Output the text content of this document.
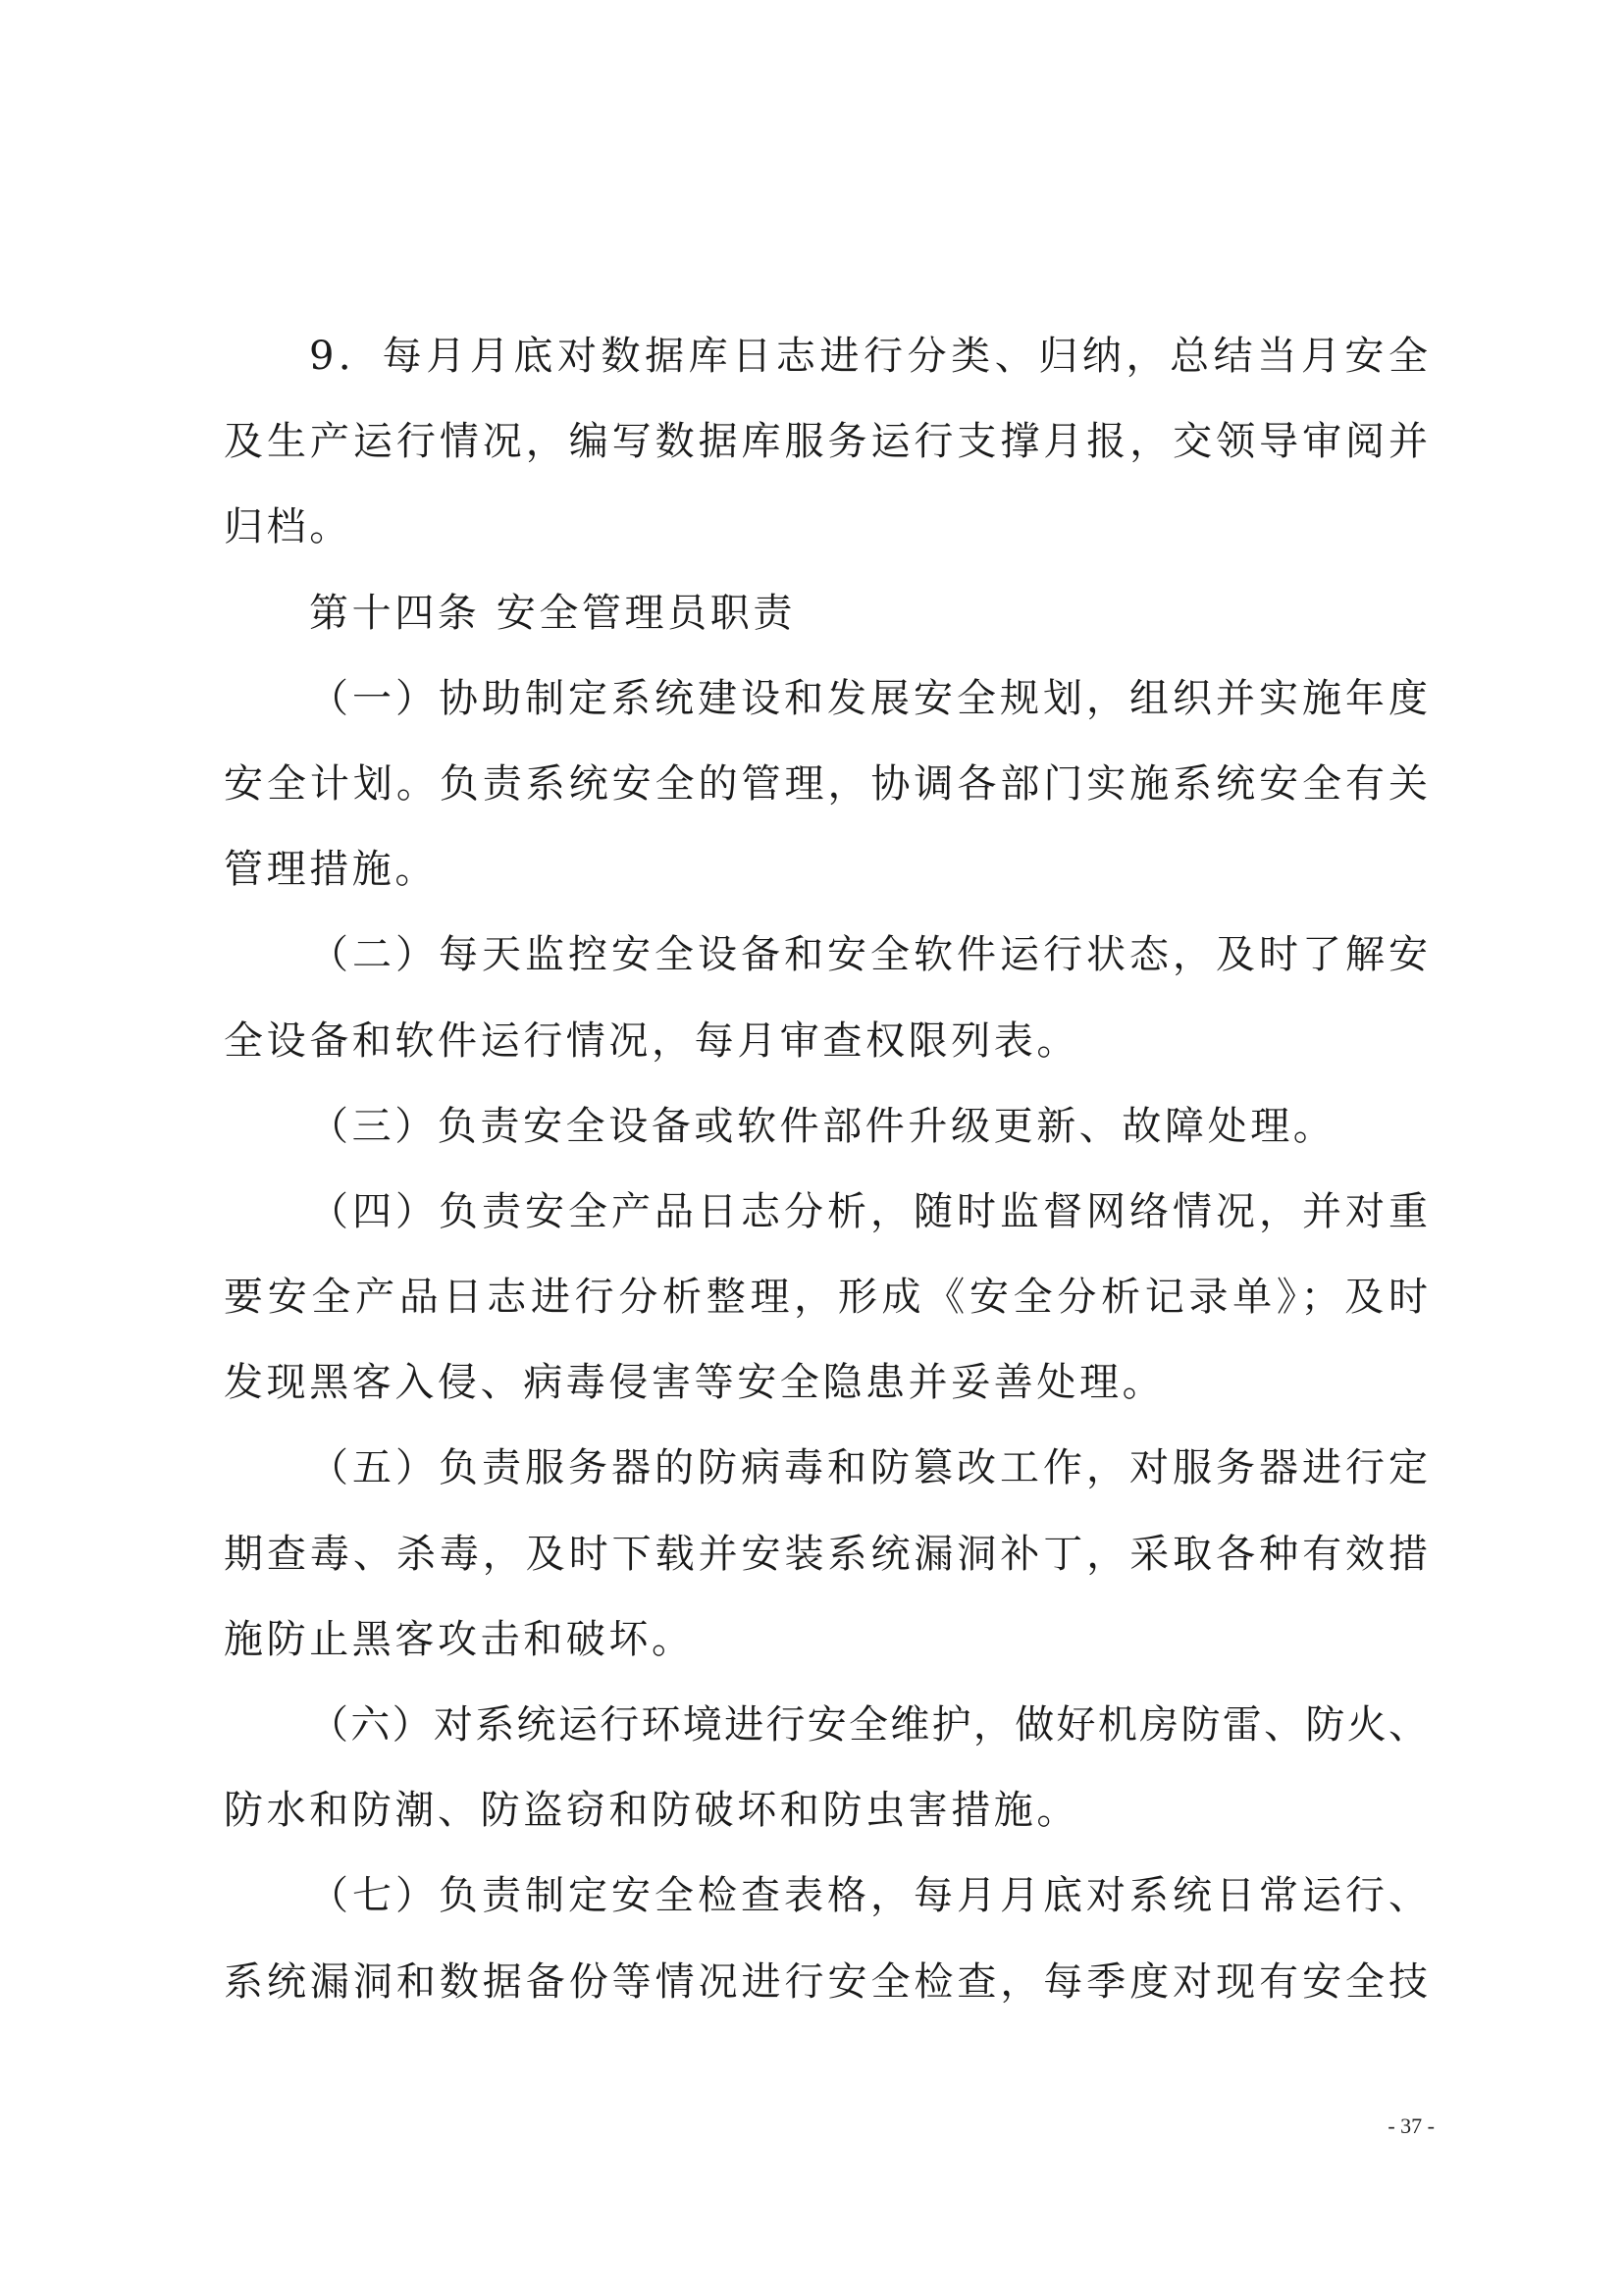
9．每月月底对数据库日志进行分类、归纳，总结当月安全
及生产运行情况，编写数据库服务运行支撑月报，交领导审阅并
归档。
第十四条 安全管理员职责
（一）协助制定系统建设和发展安全规划，组织并实施年度
安全计划。负责系统安全的管理，协调各部门实施系统安全有关
管理措施。
（二）每天监控安全设备和安全软件运行状态，及时了解安
全设备和软件运行情况，每月审查权限列表。
（三）负责安全设备或软件部件升级更新、故障处理。
（四）负责安全产品日志分析，随时监督网络情况，并对重
要安全产品日志进行分析整理，形成《安全分析记录单》；及时
发现黑客入侵、病毒侵害等安全隐患并妥善处理。
（五）负责服务器的防病毒和防篡改工作，对服务器进行定
期查毒、杀毒，及时下载并安装系统漏洞补丁，采取各种有效措
施防止黑客攻击和破坏。
（六）对系统运行环境进行安全维护，做好机房防雷、防火、
防水和防潮、防盗窃和防破坏和防虫害措施。
（七）负责制定安全检查表格，每月月底对系统日常运行、
系统漏洞和数据备份等情况进行安全检查，每季度对现有安全技
- 37 -
